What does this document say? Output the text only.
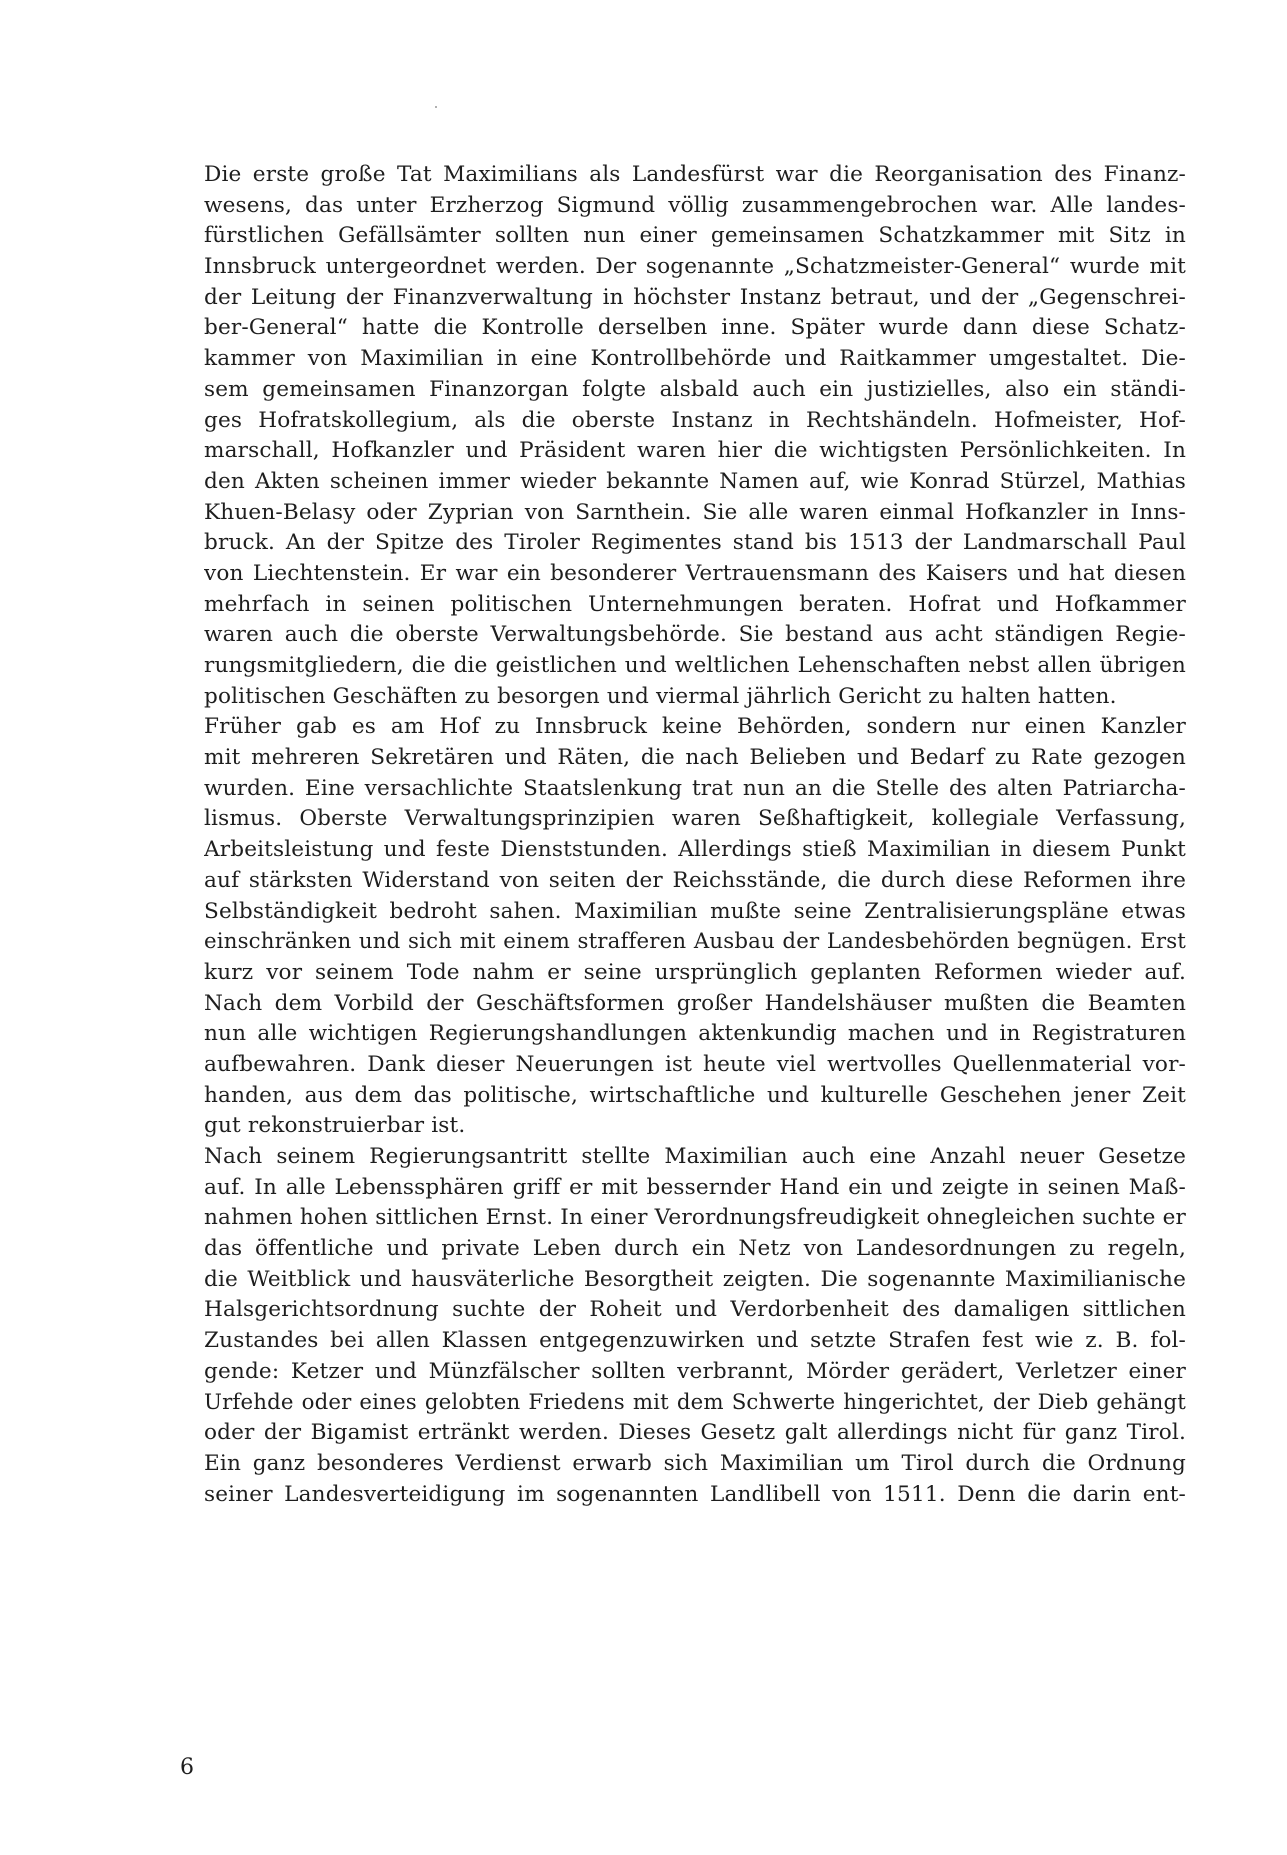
Die erste große Tat Maximilians als Landesfürst war die Reorganisation des Finanz-
wesens, das unter Erzherzog Sigmund völlig zusammengebrochen war. Alle landes-
fürstlichen Gefällsämter sollten nun einer gemeinsamen Schatzkammer mit Sitz in
Innsbruck untergeordnet werden. Der sogenannte „Schatzmeister-General“ wurde mit
der Leitung der Finanzverwaltung in höchster Instanz betraut, und der „Gegenschrei-
ber-General“ hatte die Kontrolle derselben inne. Später wurde dann diese Schatz-
kammer von Maximilian in eine Kontrollbehörde und Raitkammer umgestaltet. Die-
sem gemeinsamen Finanzorgan folgte alsbald auch ein justizielles, also ein ständi-
ges Hofratskollegium, als die oberste Instanz in Rechtshändeln. Hofmeister, Hof-
marschall, Hofkanzler und Präsident waren hier die wichtigsten Persönlichkeiten. In
den Akten scheinen immer wieder bekannte Namen auf, wie Konrad Stürzel, Mathias
Khuen-Belasy oder Zyprian von Sarnthein. Sie alle waren einmal Hofkanzler in Inns-
bruck. An der Spitze des Tiroler Regimentes stand bis 1513 der Landmarschall Paul
von Liechtenstein. Er war ein besonderer Vertrauensmann des Kaisers und hat diesen
mehrfach in seinen politischen Unternehmungen beraten. Hofrat und Hofkammer
waren auch die oberste Verwaltungsbehörde. Sie bestand aus acht ständigen Regie-
rungsmitgliedern, die die geistlichen und weltlichen Lehenschaften nebst allen übrigen
politischen Geschäften zu besorgen und viermal jährlich Gericht zu halten hatten.
Früher gab es am Hof zu Innsbruck keine Behörden, sondern nur einen Kanzler
mit mehreren Sekretären und Räten, die nach Belieben und Bedarf zu Rate gezogen
wurden. Eine versachlichte Staatslenkung trat nun an die Stelle des alten Patriarcha-
lismus. Oberste Verwaltungsprinzipien waren Seßhaftigkeit, kollegiale Verfassung,
Arbeitsleistung und feste Dienststunden. Allerdings stieß Maximilian in diesem Punkt
auf stärksten Widerstand von seiten der Reichsstände, die durch diese Reformen ihre
Selbständigkeit bedroht sahen. Maximilian mußte seine Zentralisierungspläne etwas
einschränken und sich mit einem strafferen Ausbau der Landesbehörden begnügen. Erst
kurz vor seinem Tode nahm er seine ursprünglich geplanten Reformen wieder auf.
Nach dem Vorbild der Geschäftsformen großer Handelshäuser mußten die Beamten
nun alle wichtigen Regierungshandlungen aktenkundig machen und in Registraturen
aufbewahren. Dank dieser Neuerungen ist heute viel wertvolles Quellenmaterial vor-
handen, aus dem das politische, wirtschaftliche und kulturelle Geschehen jener Zeit
gut rekonstruierbar ist.
Nach seinem Regierungsantritt stellte Maximilian auch eine Anzahl neuer Gesetze
auf. In alle Lebenssphären griff er mit bessernder Hand ein und zeigte in seinen Maß-
nahmen hohen sittlichen Ernst. In einer Verordnungsfreudigkeit ohnegleichen suchte er
das öffentliche und private Leben durch ein Netz von Landesordnungen zu regeln,
die Weitblick und hausväterliche Besorgtheit zeigten. Die sogenannte Maximilianische
Halsgerichtsordnung suchte der Roheit und Verdorbenheit des damaligen sittlichen
Zustandes bei allen Klassen entgegenzuwirken und setzte Strafen fest wie z. B. fol-
gende: Ketzer und Münzfälscher sollten verbrannt, Mörder gerädert, Verletzer einer
Urfehde oder eines gelobten Friedens mit dem Schwerte hingerichtet, der Dieb gehängt
oder der Bigamist ertränkt werden. Dieses Gesetz galt allerdings nicht für ganz Tirol.
Ein ganz besonderes Verdienst erwarb sich Maximilian um Tirol durch die Ordnung
seiner Landesverteidigung im sogenannten Landlibell von 1511. Denn die darin ent-
6
